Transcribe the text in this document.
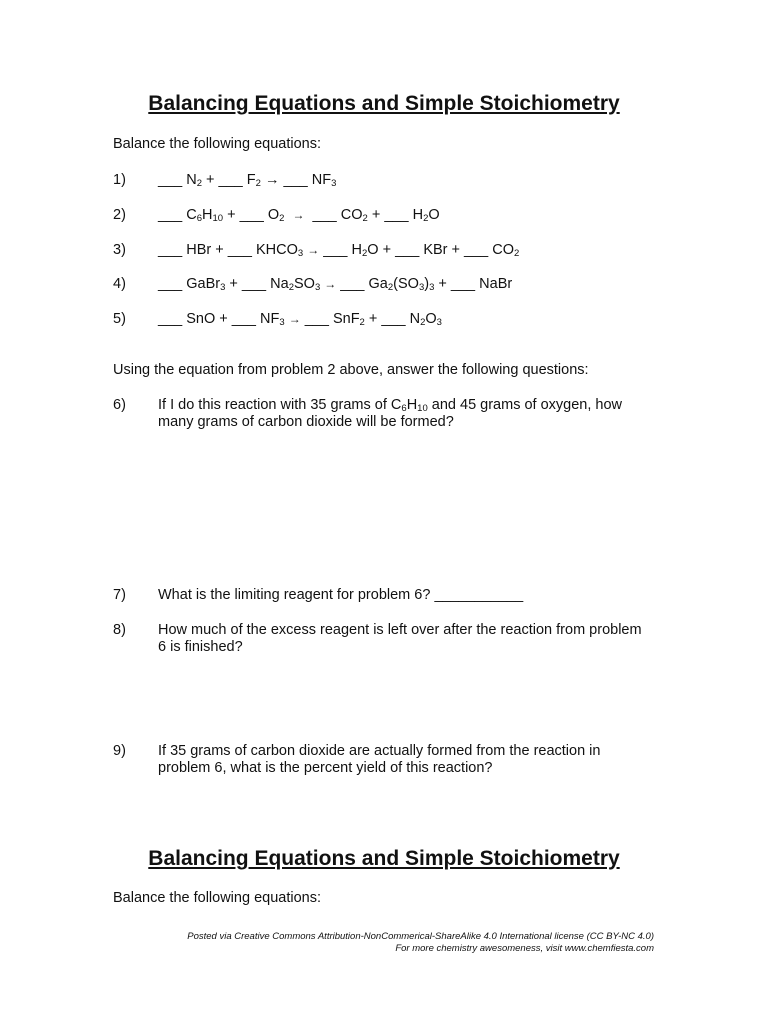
Balancing Equations and Simple Stoichiometry

Balance the following equations:

1) ___ $N_2$ + ___ $F_2$ → ___ $NF_3$
2) ___ $C_6H_{10}$ + ___ $O_2$ → ___ $CO_2$ + ___ $H_2O$
3) ___ HBr + ___ $KHCO_3$ → ___ $H_2O$ + ___ KBr + ___ $CO_2$
4) ___ GaBr$_3$ + ___ $Na_2SO_3$ → ___ $Ga_2(SO_3)_3$ + ___ NaBr
5) ___ SnO + ___ $NF_3$ → ___ SnF$_2$ + ___ $N_2O_3$

Using the equation from problem 2 above, answer the following questions:

6) If I do this reaction with 35 grams of $C_6H_{10}$ and 45 grams of oxygen, how many grams of carbon dioxide will be formed?
7) What is the limiting reagent for problem 6? ___________
8) How much of the excess reagent is left over after the reaction from problem 6 is finished?
9) If 35 grams of carbon dioxide are actually formed from the reaction in problem 6, what is the percent yield of this reaction?
Balancing Equations and Simple Stoichiometry

Balance the following equations:

Posted via Creative Commons Attribution-NonCommerical-ShareAlike 4.0 International license (CC BY-NC 4.0)
For more chemistry awesomeness, visit www.chemfiesta.com
